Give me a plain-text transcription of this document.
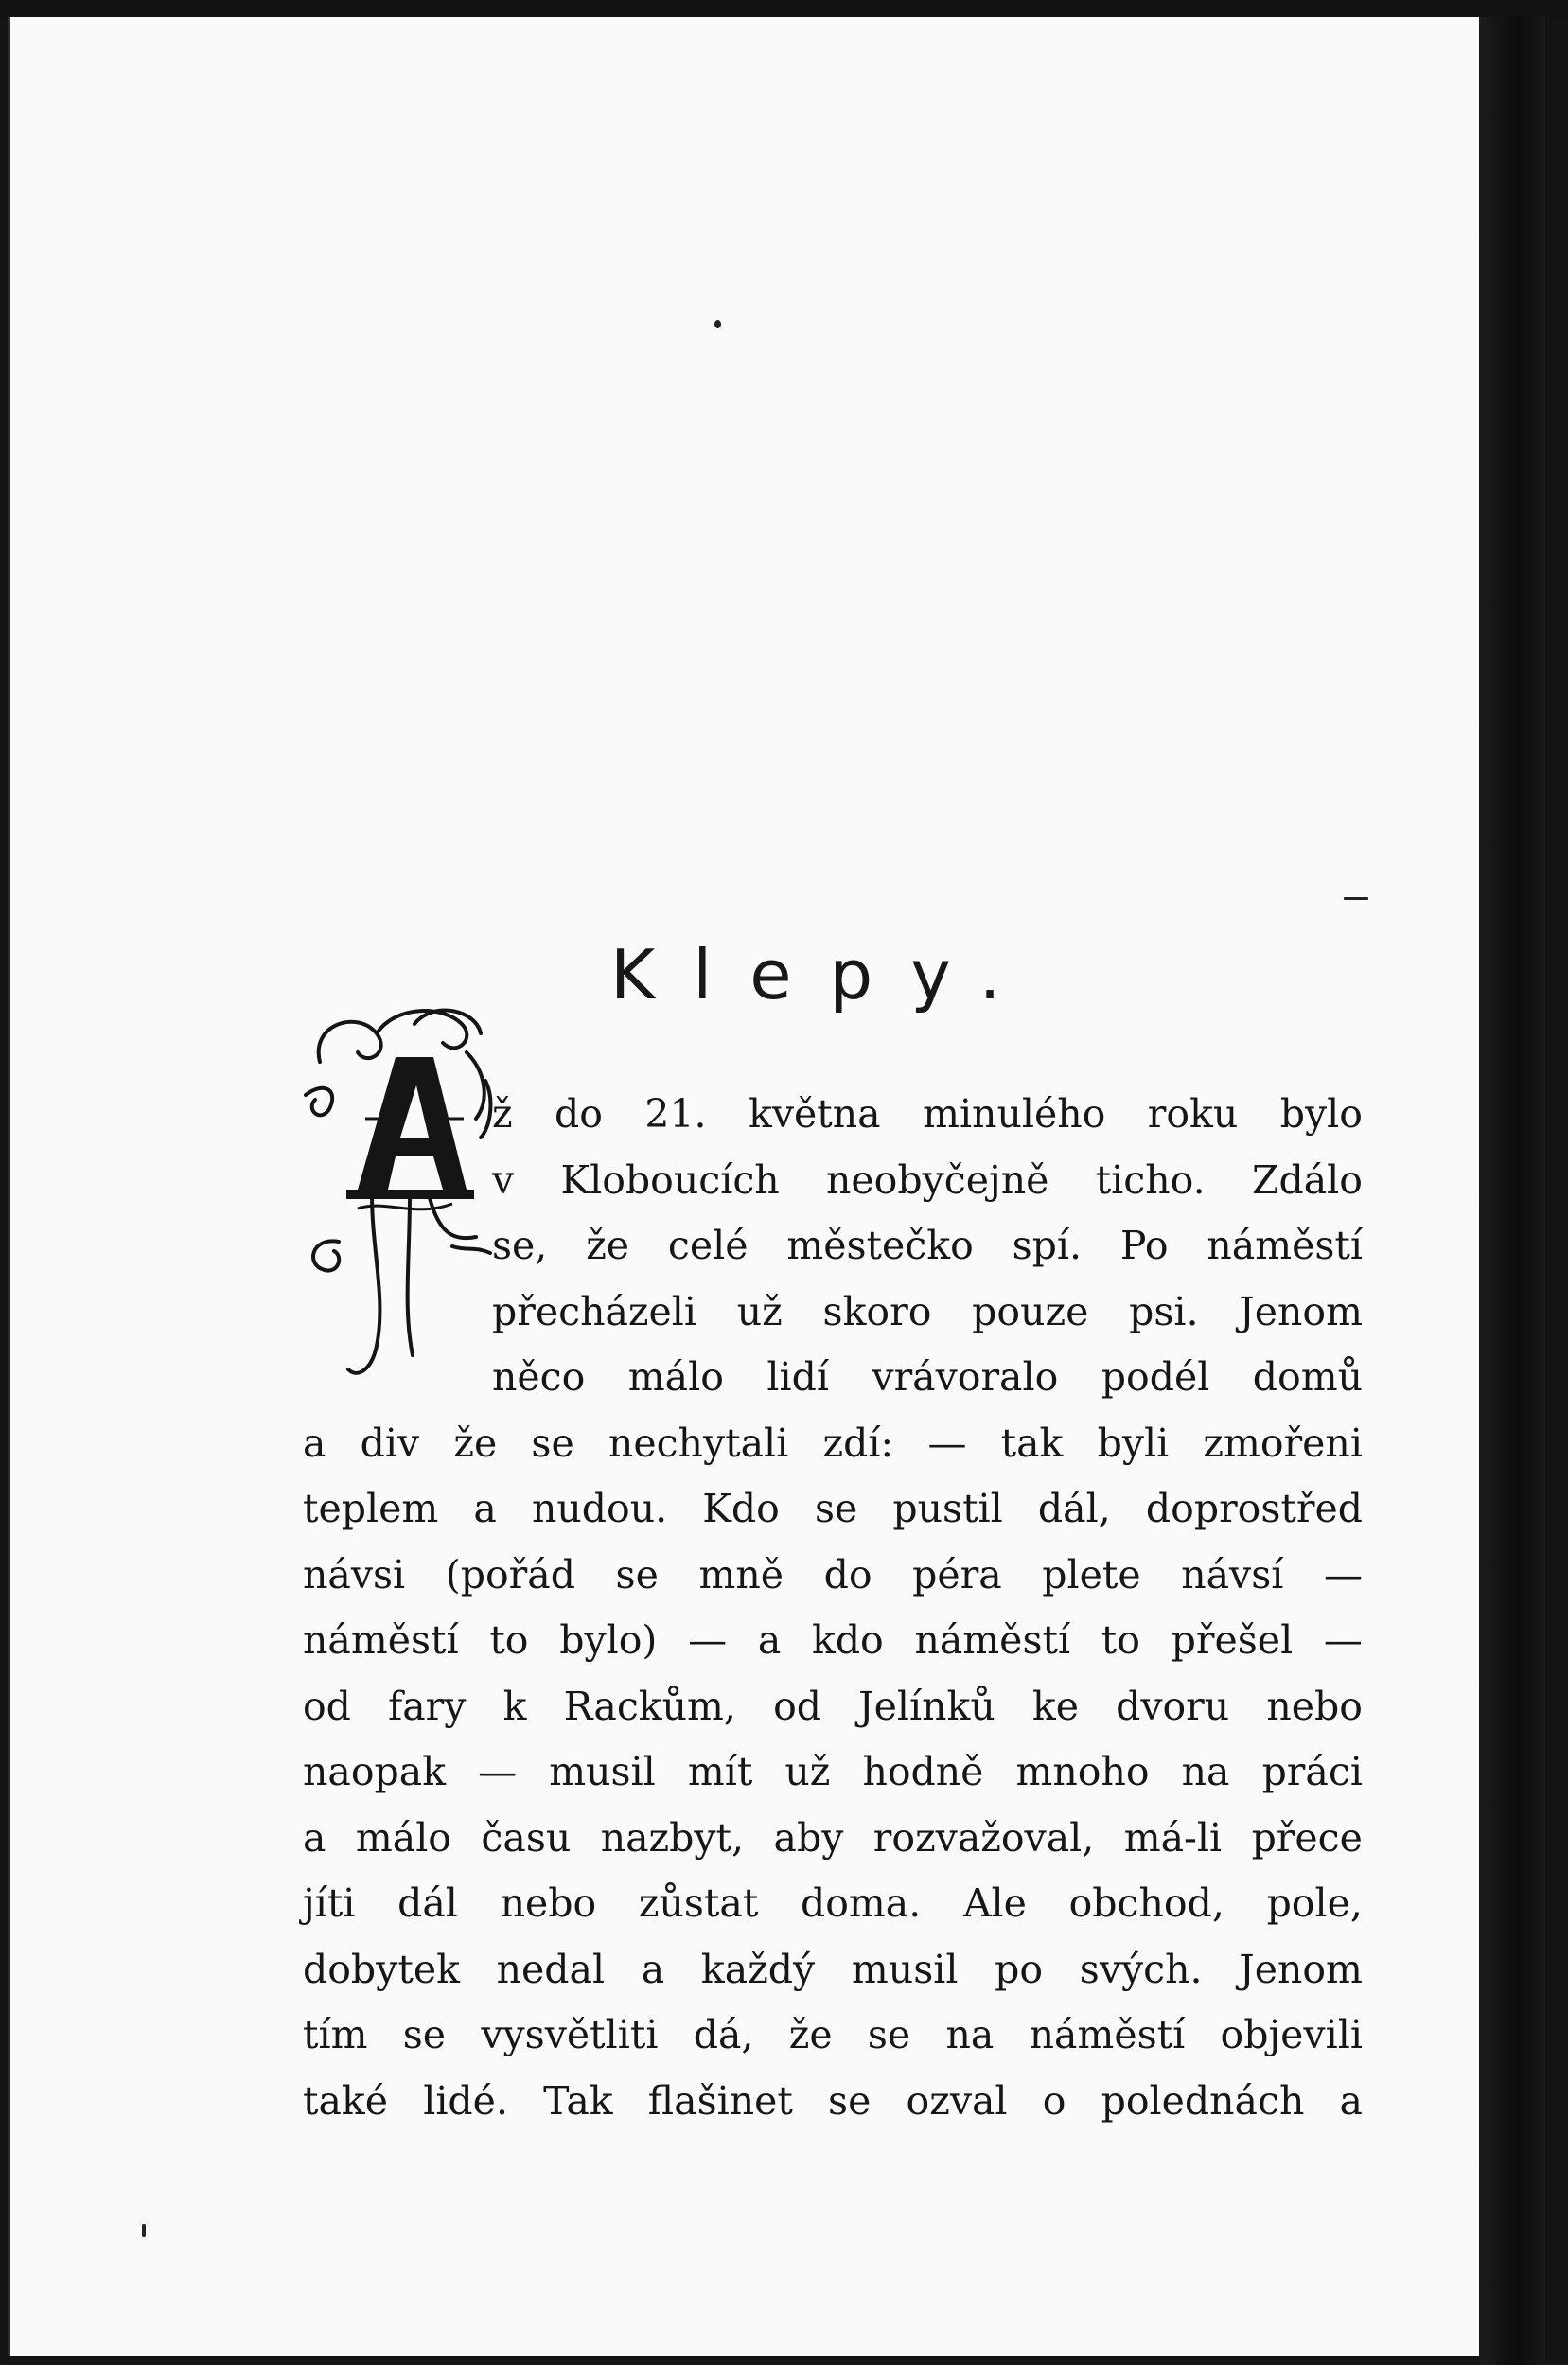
Klepy.
ž do 21. května minulého roku bylo
v Kloboucích neobyčejně ticho. Zdálo
se, že celé městečko spí. Po náměstí
přecházeli už skoro pouze psi. Jenom
něco málo lidí vrávoralo podél domů
a div že se nechytali zdí: — tak byli zmořeni
teplem a nudou. Kdo se pustil dál, doprostřed
návsi (pořád se mně do péra plete návsí —
náměstí to bylo) — a kdo náměstí to přešel —
od fary k Rackům, od Jelínků ke dvoru nebo
naopak — musil mít už hodně mnoho na práci
a málo času nazbyt, aby rozvažoval, má-li přece
jíti dál nebo zůstat doma. Ale obchod, pole,
dobytek nedal a každý musil po svých. Jenom
tím se vysvětliti dá, že se na náměstí objevili
také lidé. Tak flašinet se ozval o polednách a
